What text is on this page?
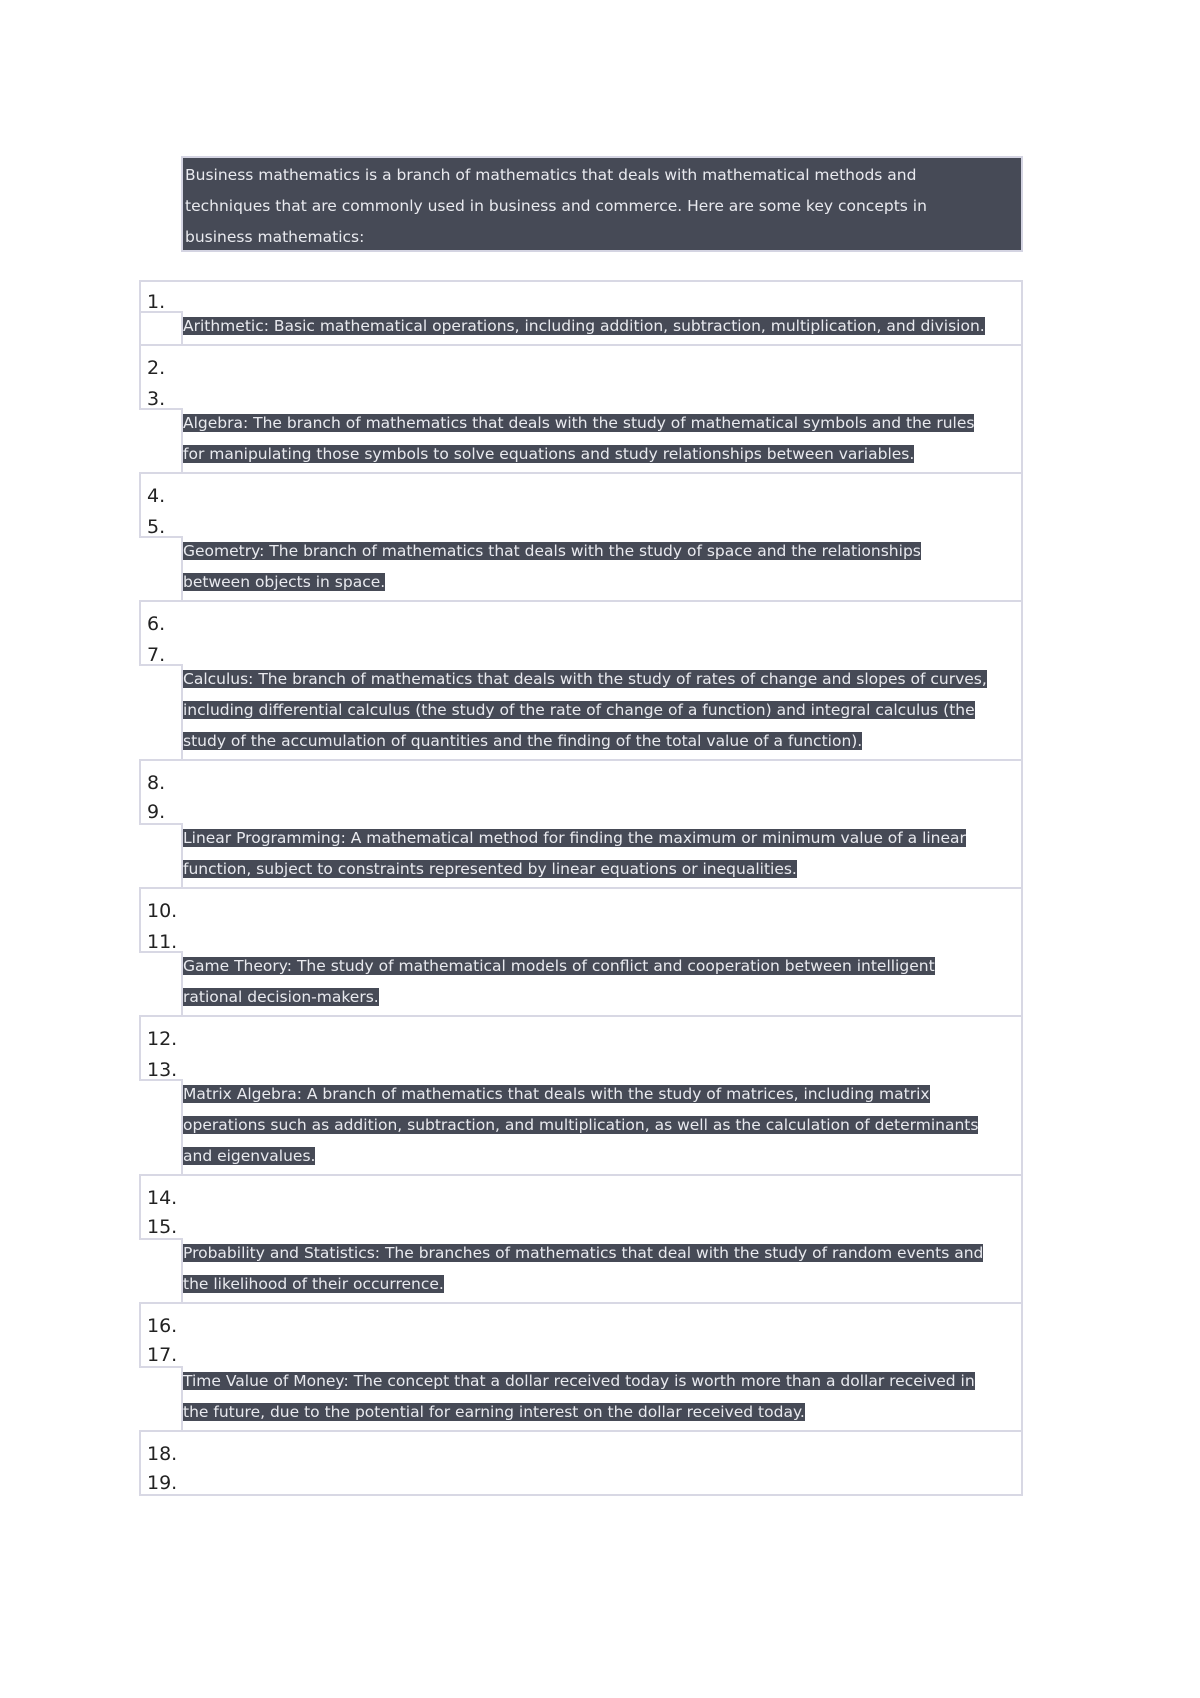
Business mathematics is a branch of mathematics that deals with mathematical methods and
techniques that are commonly used in business and commerce. Here are some key concepts in
business mathematics:
1.
Arithmetic: Basic mathematical operations, including addition, subtraction, multiplication, and division.
2.
3.
Algebra: The branch of mathematics that deals with the study of mathematical symbols and the rules
for manipulating those symbols to solve equations and study relationships between variables.
4.
5.
Geometry: The branch of mathematics that deals with the study of space and the relationships
between objects in space.
6.
7.
Calculus: The branch of mathematics that deals with the study of rates of change and slopes of curves,
including differential calculus (the study of the rate of change of a function) and integral calculus (the
study of the accumulation of quantities and the finding of the total value of a function).
8.
9.
Linear Programming: A mathematical method for finding the maximum or minimum value of a linear
function, subject to constraints represented by linear equations or inequalities.
10.
11.
Game Theory: The study of mathematical models of conflict and cooperation between intelligent
rational decision-makers.
12.
13.
Matrix Algebra: A branch of mathematics that deals with the study of matrices, including matrix
operations such as addition, subtraction, and multiplication, as well as the calculation of determinants
and eigenvalues.
14.
15.
Probability and Statistics: The branches of mathematics that deal with the study of random events and
the likelihood of their occurrence.
16.
17.
Time Value of Money: The concept that a dollar received today is worth more than a dollar received in
the future, due to the potential for earning interest on the dollar received today.
18.
19.
